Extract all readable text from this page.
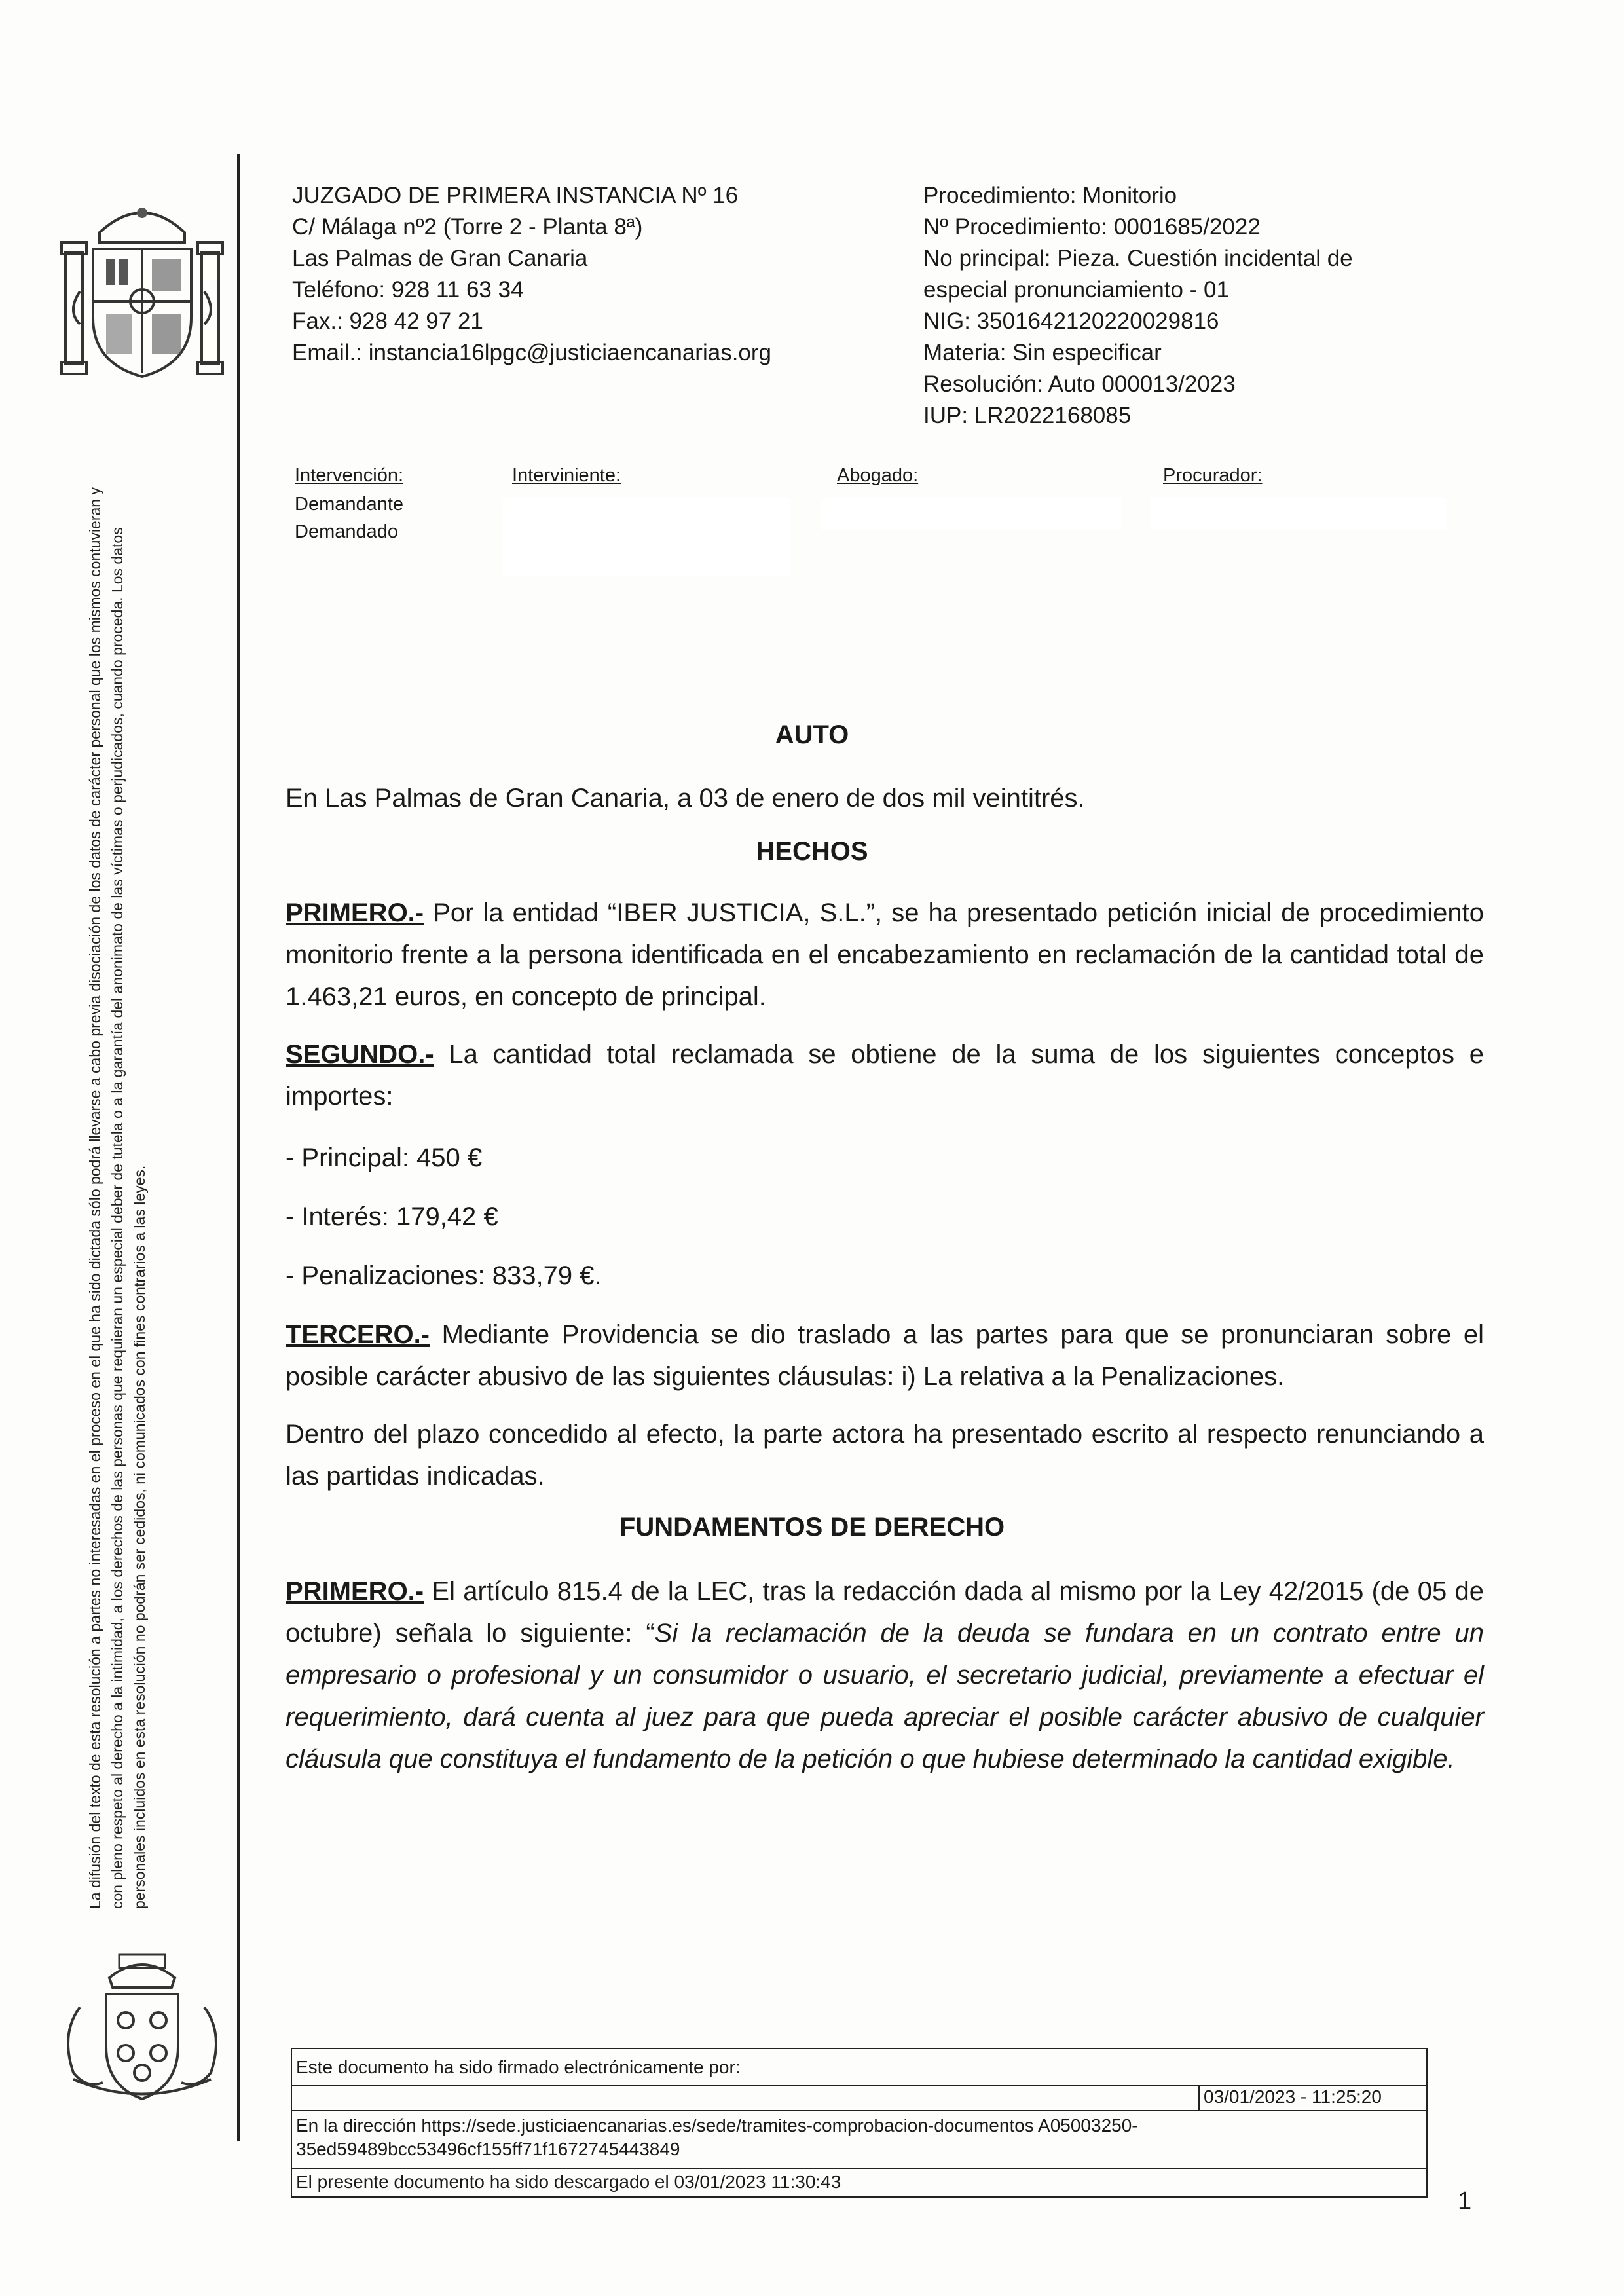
La difusión del texto de esta resolución a partes no interesadas en el proceso en el que ha sido dictada sólo podrá llevarse a cabo previa disociación de los datos de carácter personal que los mismos contuvieran y con pleno respeto al derecho a la intimidad, a los derechos de las personas que requieran un especial deber de tutela o a la garantía del anonimato de las víctimas o perjudicados, cuando proceda. Los datos personales incluidos en esta resolución no podrán ser cedidos, ni comunicados con fines contrarios a las leyes.

JUZGADO DE PRIMERA INSTANCIA Nº 16

C/ Málaga nº2 (Torre 2 - Planta 8ª)

Las Palmas de Gran Canaria

Teléfono: 928 11 63 34

Fax.: 928 42 97 21

Email.: instancia16lpgc@justiciaencanarias.org

Procedimiento: Monitorio

Nº Procedimiento: 0001685/2022

No principal: Pieza. Cuestión incidental de

especial pronunciamiento - 01

NIG: 3501642120220029816

Materia: Sin especificar

Resolución: Auto 000013/2023

IUP: LR2022168085

Intervención:	Interviniente:	Abogado:	Procurador:
Demandante
Demandado
AUTO
En Las Palmas de Gran Canaria, a 03 de enero de dos mil veintitrés.
HECHOS

PRIMERO.- Por la entidad “IBER JUSTICIA, S.L.”, se ha presentado petición inicial de procedimiento monitorio frente a la persona identificada en el encabezamiento en reclamación de la cantidad total de 1.463,21 euros, en concepto de principal.

SEGUNDO.- La cantidad total reclamada se obtiene de la suma de los siguientes conceptos e importes:

- Principal: 450 €
- Interés: 179,42 €
- Penalizaciones: 833,79 €.

TERCERO.- Mediante Providencia se dio traslado a las partes para que se pronunciaran sobre el posible carácter abusivo de las siguientes cláusulas: i) La relativa a la Penalizaciones.

Dentro del plazo concedido al efecto, la parte actora ha presentado escrito al respecto renunciando a las partidas indicadas.
FUNDAMENTOS DE DERECHO

PRIMERO.- El artículo 815.4 de la LEC, tras la redacción dada al mismo por la Ley 42/2015 (de 05 de octubre) señala lo siguiente: “Si la reclamación de la deuda se fundara en un contrato entre un empresario o profesional y un consumidor o usuario, el secretario judicial, previamente a efectuar el requerimiento, dará cuenta al juez para que pueda apreciar el posible carácter abusivo de cualquier cláusula que constituya el fundamento de la petición o que hubiese determinado la cantidad exigible.

Este documento ha sido firmado electrónicamente por:
03/01/2023 - 11:25:20
En la dirección https://sede.justiciaencanarias.es/sede/tramites-comprobacion-documentos A05003250-
35ed59489bcc53496cf155ff71f1672745443849
El presente documento ha sido descargado el 03/01/2023 11:30:43
1
